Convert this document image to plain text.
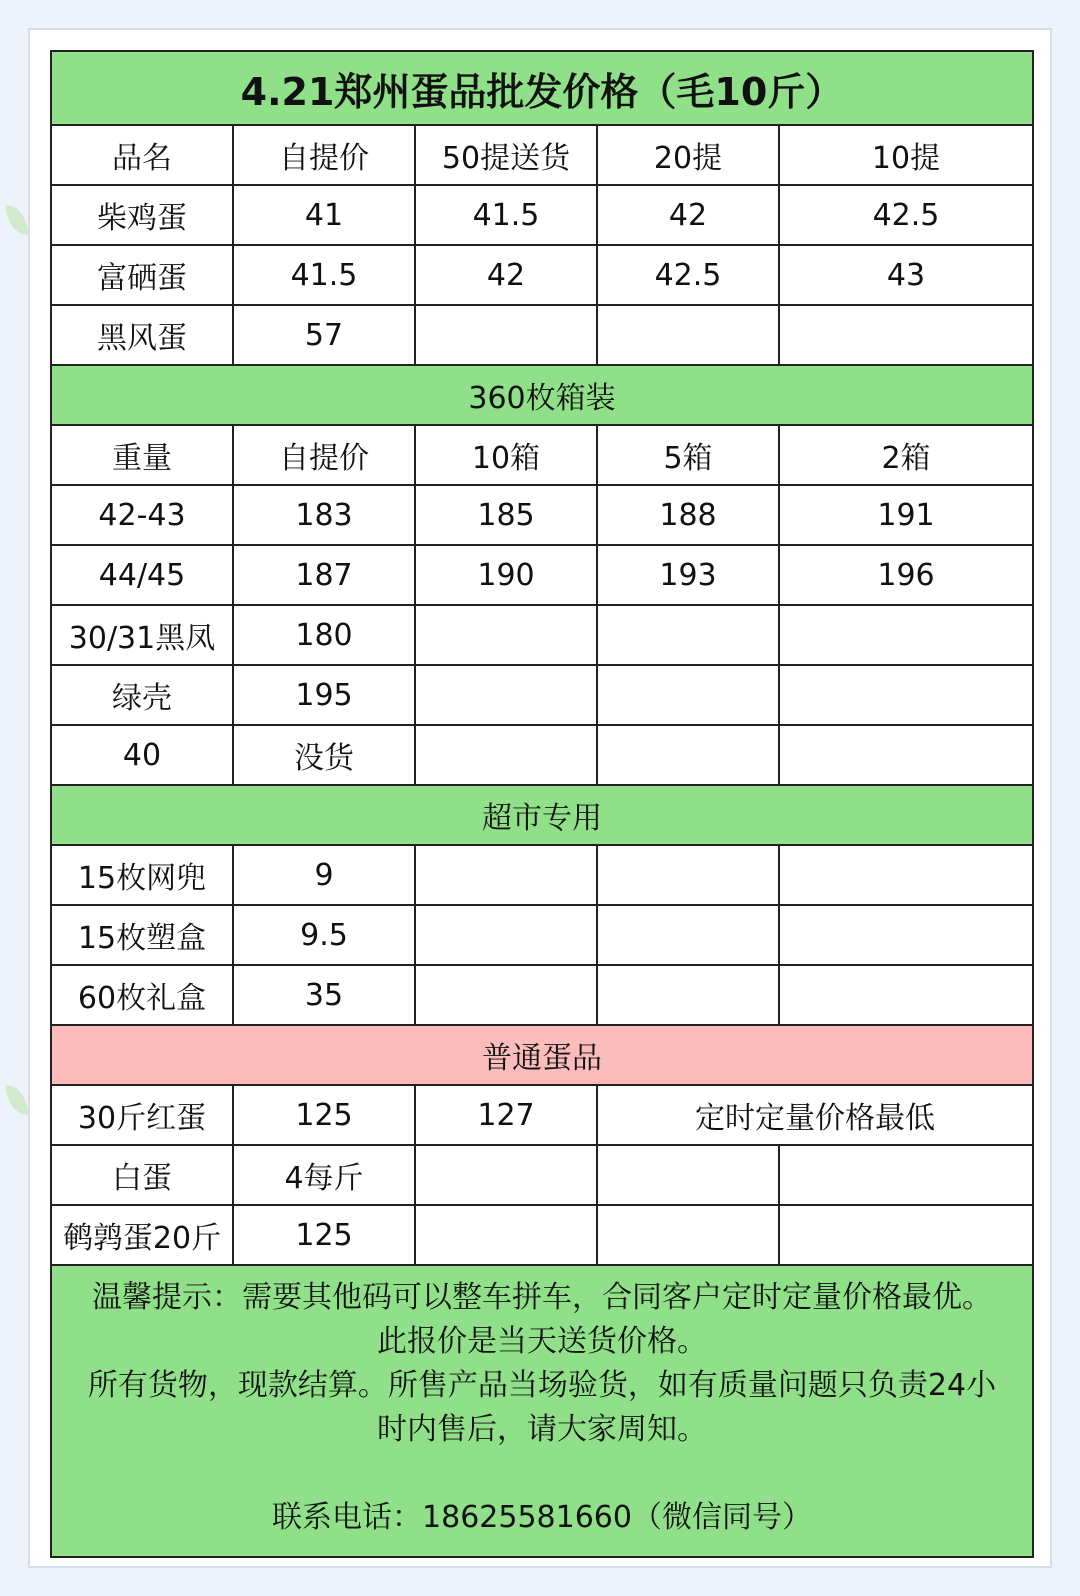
4.21郑州蛋品批发价格（毛10斤）
品名	自提价	50提送货	20提	10提
柴鸡蛋	41	41.5	42	42.5
富硒蛋	41.5	42	42.5	43
黑风蛋	57
360枚箱装
重量	自提价	10箱	5箱	2箱
42-43	183	185	188	191
44/45	187	190	193	196
30/31黑凤	180
绿壳	195
40	没货
超市专用
15枚网兜	9
15枚塑盒	9.5
60枚礼盒	35
普通蛋品
30斤红蛋	125	127	定时定量价格最低
白蛋	4每斤
鹌鹑蛋20斤	125

温馨提示：需要其他码可以整车拼车，合同客户定时定量价格最优。

此报价是当天送货价格。

所有货物，现款结算。所售产品当场验货，如有质量问题只负责24小

时内售后，请大家周知。

联系电话：18625581660（微信同号）
